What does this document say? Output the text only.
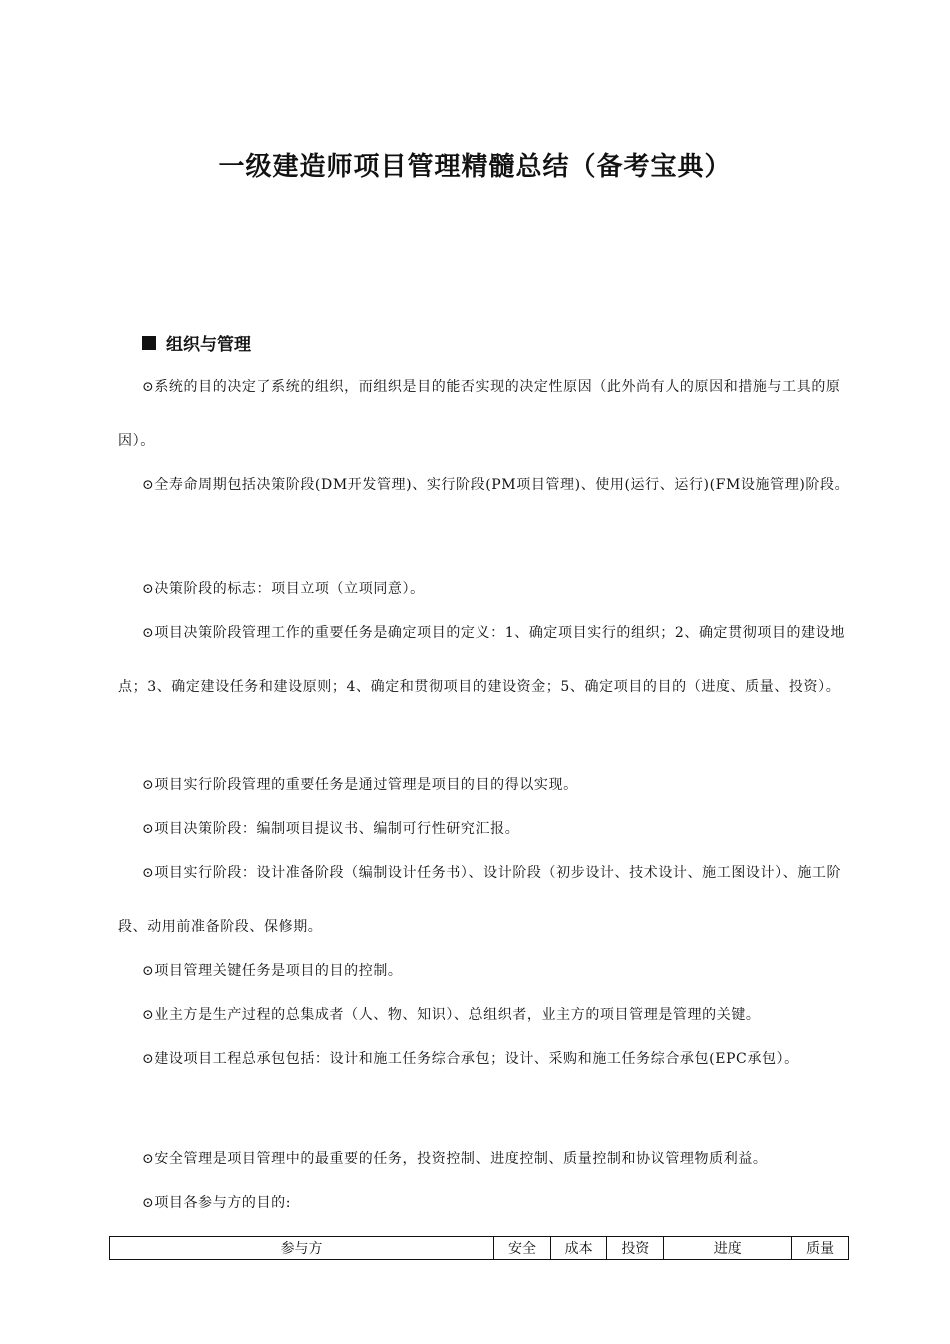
一级建造师项目管理精髓总结（备考宝典）
组织与管理
⊙系统的目的决定了系统的组织，而组织是目的能否实现的决定性原因（此外尚有人的原因和措施与工具的原因）。
⊙全寿命周期包括决策阶段(DM开发管理)、实行阶段(PM项目管理)、使用(运行、运行)(FM设施管理)阶段。
⊙决策阶段的标志：项目立项（立项同意）。
⊙项目决策阶段管理工作的重要任务是确定项目的定义：1、确定项目实行的组织；2、确定贯彻项目的建设地点；3、确定建设任务和建设原则；4、确定和贯彻项目的建设资金；5、确定项目的目的（进度、质量、投资）。
⊙项目实行阶段管理的重要任务是通过管理是项目的目的得以实现。
⊙项目决策阶段：编制项目提议书、编制可行性研究汇报。
⊙项目实行阶段：设计准备阶段（编制设计任务书）、设计阶段（初步设计、技术设计、施工图设计）、施工阶段、动用前准备阶段、保修期。
⊙项目管理关键任务是项目的目的控制。
⊙业主方是生产过程的总集成者（人、物、知识）、总组织者，业主方的项目管理是管理的关键。
⊙建设项目工程总承包包括：设计和施工任务综合承包；设计、采购和施工任务综合承包(EPC承包）。
⊙安全管理是项目管理中的最重要的任务，投资控制、进度控制、质量控制和协议管理物质利益。
⊙项目各参与方的目的:
参与方	安全	成本	投资	进度	质量
